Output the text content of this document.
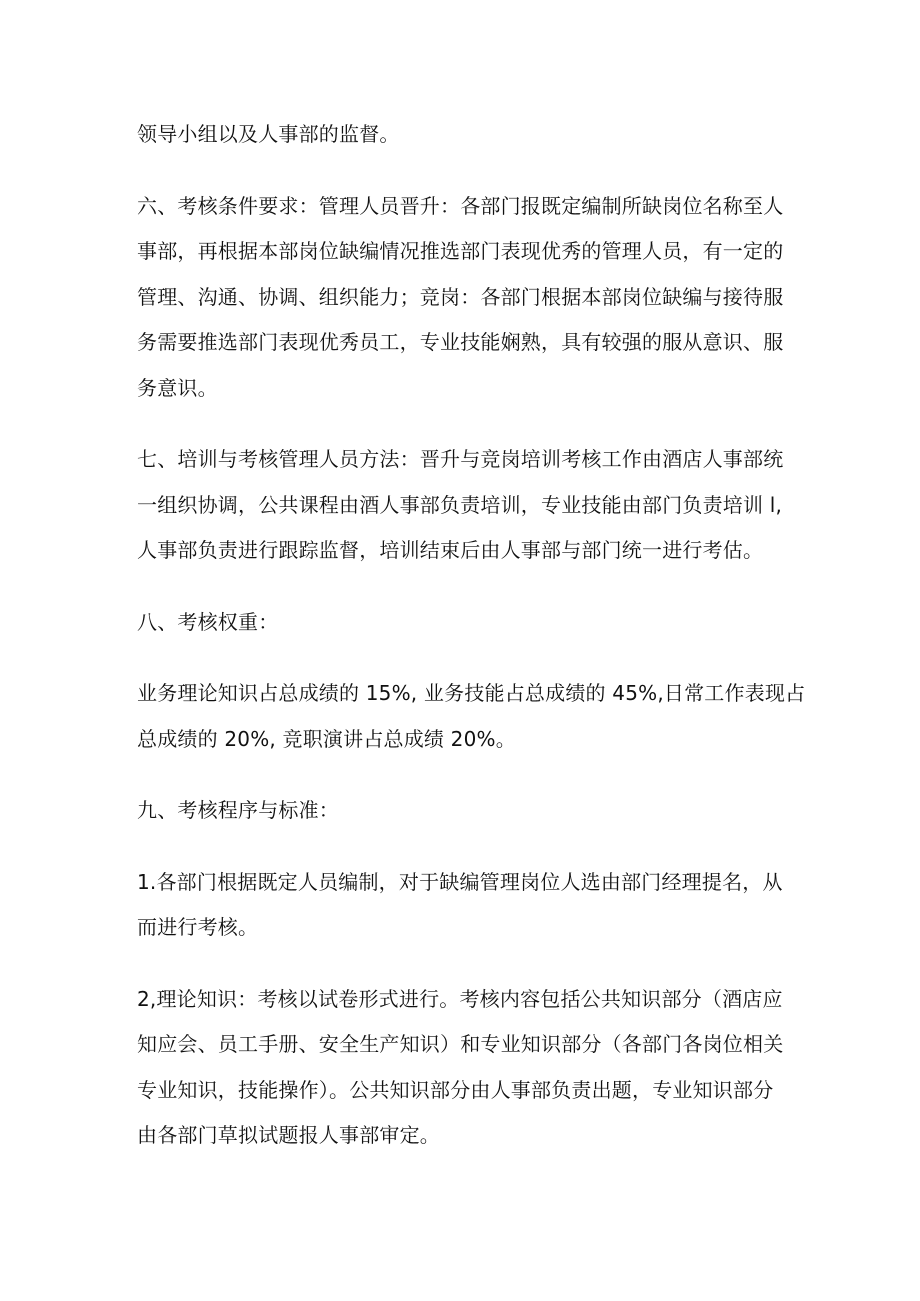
领导小组以及人事部的监督。

六、考核条件要求：管理人员晋升：各部门报既定编制所缺岗位名称至人
事部，再根据本部岗位缺编情况推选部门表现优秀的管理人员，有一定的
管理、沟通、协调、组织能力；竞岗：各部门根据本部岗位缺编与接待服
务需要推选部门表现优秀员工，专业技能娴熟，具有较强的服从意识、服
务意识。

七、培训与考核管理人员方法：晋升与竞岗培训考核工作由酒店人事部统
一组织协调，公共课程由酒人事部负责培训，专业技能由部门负责培训 l,
人事部负责进行跟踪监督，培训结束后由人事部与部门统一进行考估。

八、考核权重：

业务理论知识占总成绩的 15%, 业务技能占总成绩的 45%,日常工作表现占
总成绩的 20%, 竞职演讲占总成绩 20%。

九、考核程序与标准：

1.各部门根据既定人员编制，对于缺编管理岗位人选由部门经理提名，从
而进行考核。

2,理论知识：考核以试卷形式进行。考核内容包括公共知识部分（酒店应
知应会、员工手册、安全生产知识）和专业知识部分（各部门各岗位相关
专业知识，技能操作）。公共知识部分由人事部负责出题，专业知识部分
由各部门草拟试题报人事部审定。
